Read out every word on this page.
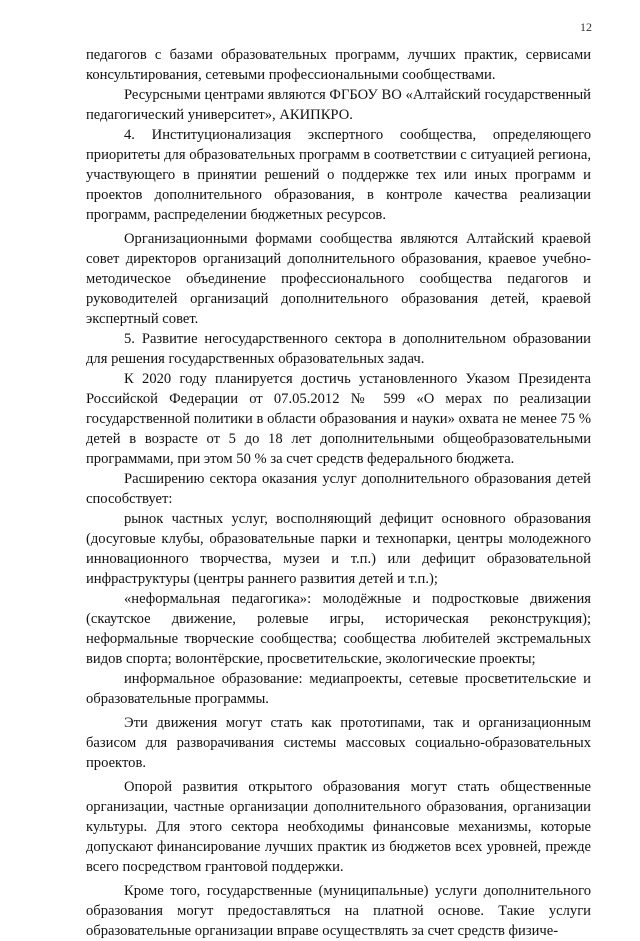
12

педагогов с базами образовательных программ, лучших практик, сервисами консультирования, сетевыми профессиональными сообществами.

Ресурсными центрами являются ФГБОУ ВО «Алтайский государственный педагогический университет», АКИПКРО.

4. Институционализация экспертного сообщества, определяющего приоритеты для образовательных программ в соответствии с ситуацией региона, участвующего в принятии решений о поддержке тех или иных программ и проектов дополнительного образования, в контроле качества реализации программ, распределении бюджетных ресурсов.

Организационными формами сообщества являются Алтайский краевой совет директоров организаций дополнительного образования, краевое учебно-методическое объединение профессионального сообщества педагогов и руководителей организаций дополнительного образования детей, краевой экспертный совет.

5. Развитие негосударственного сектора в дополнительном образовании для решения государственных образовательных задач.

К 2020 году планируется достичь установленного Указом Президента Российской Федерации от 07.05.2012 № 599 «О мерах по реализации государственной политики в области образования и науки» охвата не менее 75 % детей в возрасте от 5 до 18 лет дополнительными общеобразовательными программами, при этом 50 % за счет средств федерального бюджета.

Расширению сектора оказания услуг дополнительного образования детей способствует:

рынок частных услуг, восполняющий дефицит основного образования (досуговые клубы, образовательные парки и технопарки, центры молодежного инновационного творчества, музеи и т.п.) или дефицит образовательной инфраструктуры (центры раннего развития детей и т.п.);

«неформальная педагогика»: молодёжные и подростковые движения (скаутское движение, ролевые игры, историческая реконструкция); неформальные творческие сообщества; сообщества любителей экстремальных видов спорта; волонтёрские, просветительские, экологические проекты;

информальное образование: медиапроекты, сетевые просветительские и образовательные программы.

Эти движения могут стать как прототипами, так и организационным базисом для разворачивания системы массовых социально-образовательных проектов.

Опорой развития открытого образования могут стать общественные организации, частные организации дополнительного образования, организации культуры. Для этого сектора необходимы финансовые механизмы, которые допускают финансирование лучших практик из бюджетов всех уровней, прежде всего посредством грантовой поддержки.

Кроме того, государственные (муниципальные) услуги дополнительного образования могут предоставляться на платной основе. Такие услуги образовательные организации вправе осуществлять за счет средств физиче-
